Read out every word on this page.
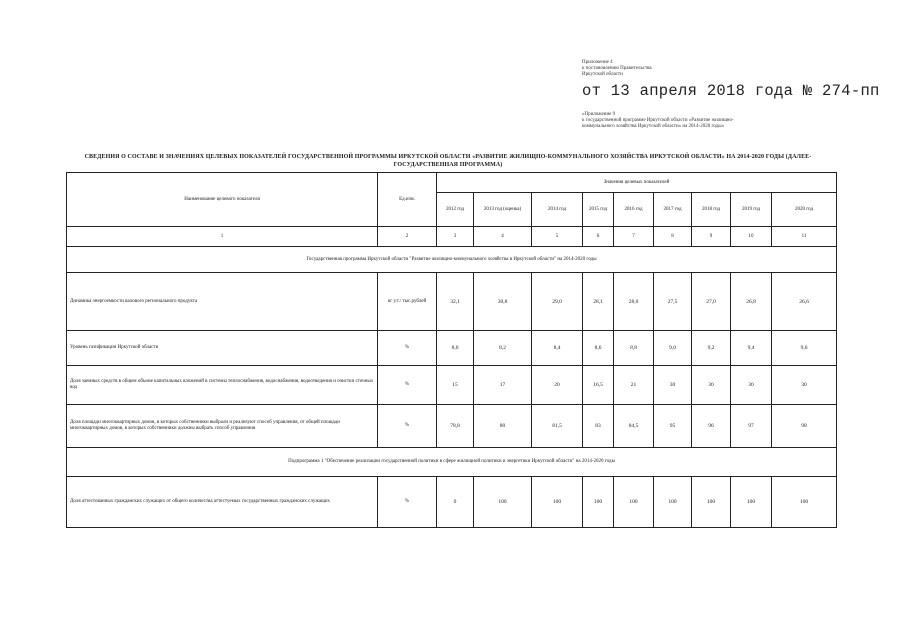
Приложение 4
к постановлению Правительства
Иркутской области
от 13 апреля 2018 года № 274-пп
«Приложение 9
к государственной программе Иркутской области «Развитие жилищно-
коммунального хозяйства Иркутской области» на 2014-2020 годы»
СВЕДЕНИЯ О СОСТАВЕ И ЗНАЧЕНИЯХ ЦЕЛЕВЫХ ПОКАЗАТЕЛЕЙ ГОСУДАРСТВЕННОЙ ПРОГРАММЫ ИРКУТСКОЙ ОБЛАСТИ «РАЗВИТИЕ ЖИЛИЩНО-КОММУНАЛЬНОГО ХОЗЯЙСТВА ИРКУТСКОЙ ОБЛАСТИ» НА 2014-2020 ГОДЫ (ДАЛЕЕ-ГОСУДАРСТВЕННАЯ ПРОГРАММА)
Наименование целевого показателя	Ед.изм.	Значения целевых показателей								
		2012 год	2013 год (оценка)	2014 год	2015 год	2016 год	2017 год	2018 год	2019 год	2020 год
1	2	3	4	5	6	7	8	9	10	11
Государственная программа Иркутской области "Развитие жилищно-коммунального хозяйства в Иркутской области" на 2014-2020 годы										
Динамика энергоемкости валового регионального продукта	кг у.т./ тыс.рублей	32,1	30,8	29,0	28,1	28,0	27,5	27,0	26,8	26,6
Уровень газификации Иркутской области	%	8,0	8,2	8,4	8,6	8,8	9,0	9,2	9,4	9,6
Доля заемных средств в общем объеме капитальных вложений в системы теплоснабжения, водоснабжения, водоотведения и очистки сточных вод	%	15	17	20	16,5	21	30	30	30	30
Доля площади многоквартирных домов, в которых собственники выбрали и реализуют способ управления, от общей площади многоквартирных домов, в которых собственники должны выбрать способ управления	%	78,8	80	81,5	83	84,5	95	96	97	98
Подпрограмма 1 "Обеспечение реализации государственной политики в сфере жилищной политики и энергетики Иркутской области" на 2014-2020 годы										
Доля аттестованных гражданских служащих от общего количества аттестуемых государственных гражданских служащих	%	0	100	100	100	100	100	100	100	100
